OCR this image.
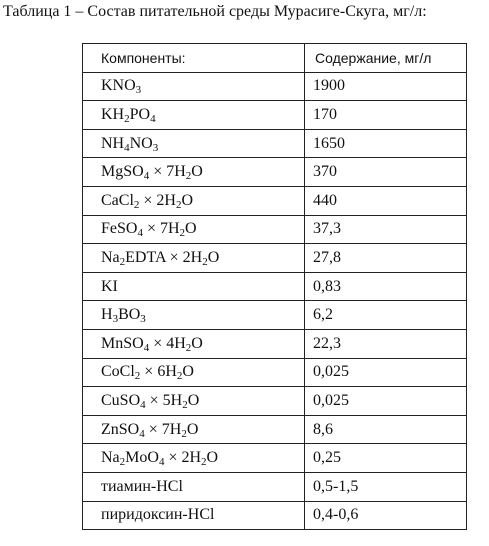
Таблица 1 – Состав питательной среды Мурасиге-Скуга, мг/л:
Компоненты:	Содержание, мг/л
$KNO_3$	1900
$KH_2PO_4$	170
$NH_4NO_3$	1650
MgSO$_4$ × $7H_2O$	370
CaCl$_2$ × $2H_2O$	440
FeSO$_4$ × $7H_2O$	37,3
$Na_2EDTA \times 2H_2O$	27,8
KI	0,83
$H_3BO_3$	6,2
MnSO$_4$ × $4H_2O$	22,3
CoCl$_2$ × $6H_2O$	0,025
CuSO$_4$ × $5H_2O$	0,025
ZnSO$_4$ × $7H_2O$	8,6
$Na_2MoO_4 \times 2H_2O$	0,25
тиамин-HCl	0,5-1,5
пиридоксин-HCl	0,4-0,6
